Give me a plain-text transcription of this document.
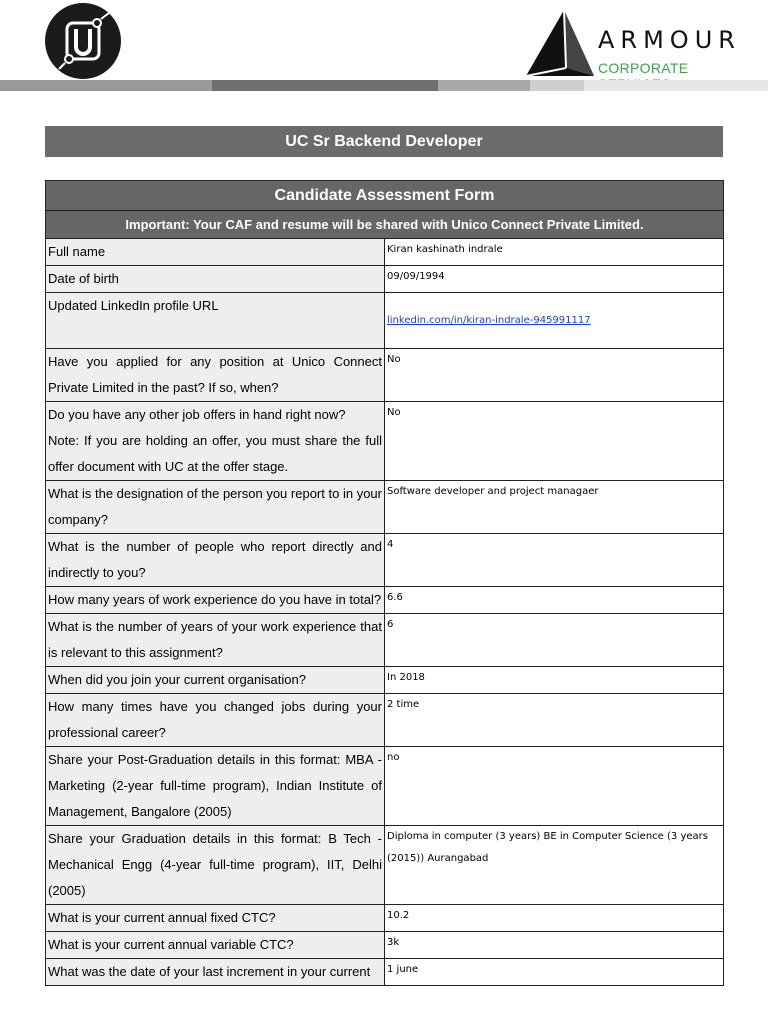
ARMOUR
CORPORATE
UC Sr Backend Developer
Candidate Assessment Form	
Important: Your CAF and resume will be shared with Unico Connect Private Limited.	
Full name	Kiran kashinath indrale
Date of birth	09/09/1994
Updated LinkedIn profile URL	linkedin.com/in/kiran-indrale-945991117
Have you applied for any position at Unico Connect Private Limited in the past? If so, when?	No

Do you have any other job offers in hand right now?
Note: If you are holding an offer, you must share the full offer document with UC at the offer stage.	No
What is the designation of the person you report to in your company?	Software developer and project managaer
What is the number of people who report directly and indirectly to you?	4
How many years of work experience do you have in total?	6.6
What is the number of years of your work experience that is relevant to this assignment?	6
When did you join your current organisation?	In 2018
How many times have you changed jobs during your professional career?	2 time
Share your Post-Graduation details in this format: MBA - Marketing (2-year full-time program), Indian Institute of Management, Bangalore (2005)	no
Share your Graduation details in this format: B Tech - Mechanical Engg (4-year full-time program), IIT, Delhi (2005)	Diploma in computer (3 years) BE in Computer Science (3 years (2015)) Aurangabad
What is your current annual fixed CTC?	10.2
What is your current annual variable CTC?	3k
What was the date of your last increment in your current	1 june
